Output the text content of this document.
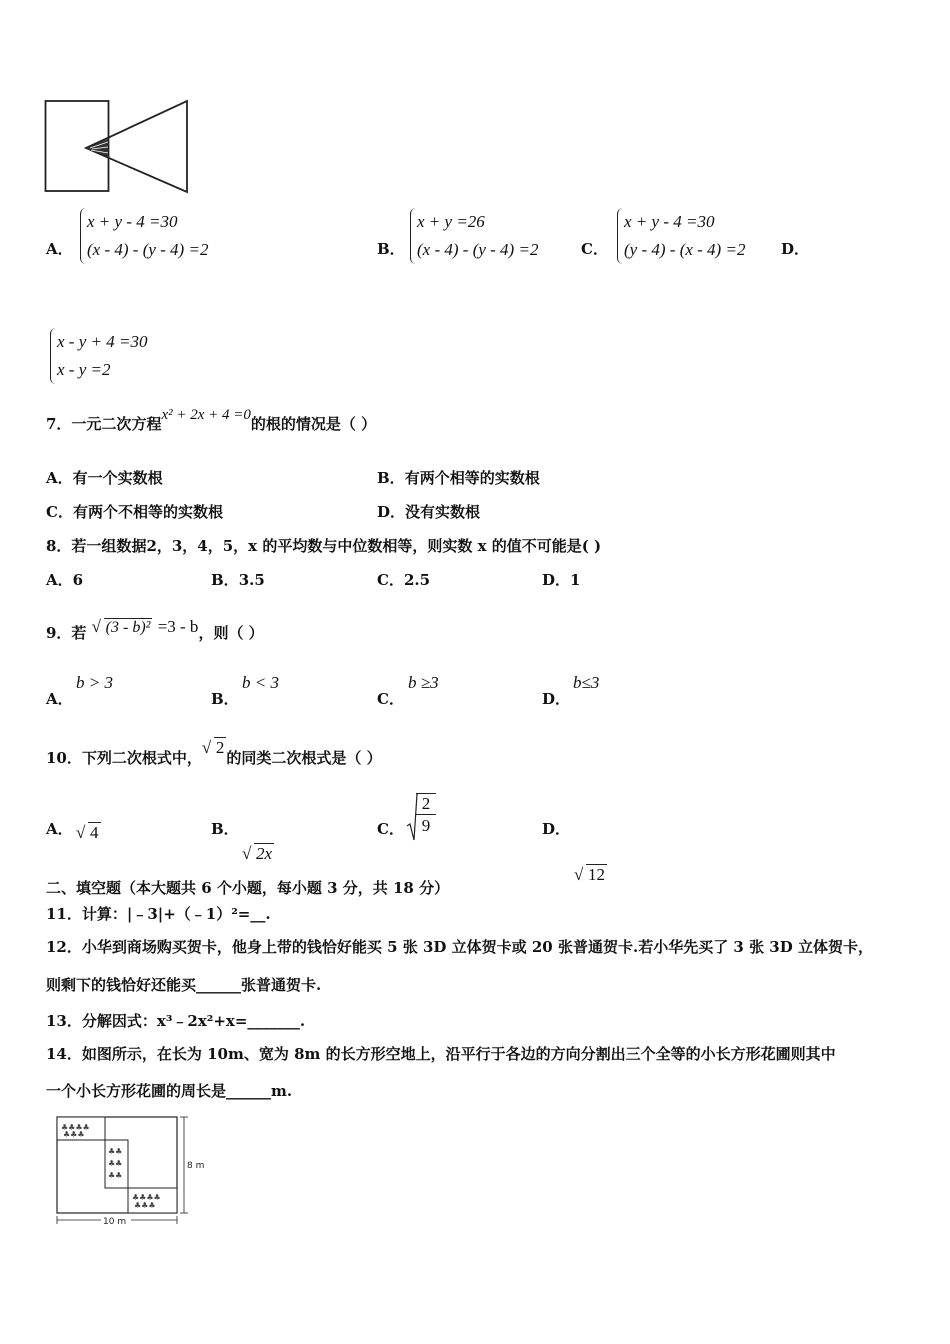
A．
x + y - 4 =30
(x - 4) - (y - 4) =2	B．
x + y =26
(x - 4) - (y - 4) =2	C．
x + y - 4 =30
(y - 4) - (x - 4) =2 D．
x - y + 4 =30
x - y =2
7．一元二次方程x² + 2x + 4 =0的根的情况是（ ）
A．有一个实数根	B．有两个相等的实数根
C．有两个不相等的实数根	D．没有实数根
8．若一组数据2，3，4，5，x 的平均数与中位数相等，则实数 x 的值不可能是( )
A．6	B．3.5	C．2.5	D．1
9．若 √ (3 - b)² =3 - b，则（ ）
A．
b > 3
B．
b < 3
C．
b ≥3
D．
b≤3
10．下列二次根式中，
√ 2的同类二次根式是（ ）
A． √ 4	B．
√ 2x
C．
2
9	D．
√ 12
二、填空题（本大题共 6 个小题，每小题 3 分，共 18 分）
11．计算：|﹣3|+（﹣1）²=__.
12．小华到商场购买贺卡，他身上带的钱恰好能买 5 张 3D 立体贺卡或 20 张普通贺卡.若小华先买了 3 张 3D 立体贺卡，
则剩下的钱恰好还能买______张普通贺卡.
13．分解因式：x³﹣2x²+x=_______.
14．如图所示，在长为 10m、宽为 8m 的长方形空地上，沿平行于各边的方向分割出三个全等的小长方形花圃则其中
一个小长方形花圃的周长是______m.
♣♣♣♣
♣♣♣
♣♣
♣♣
♣♣
♣♣♣♣
♣♣♣
8 m
10 m
